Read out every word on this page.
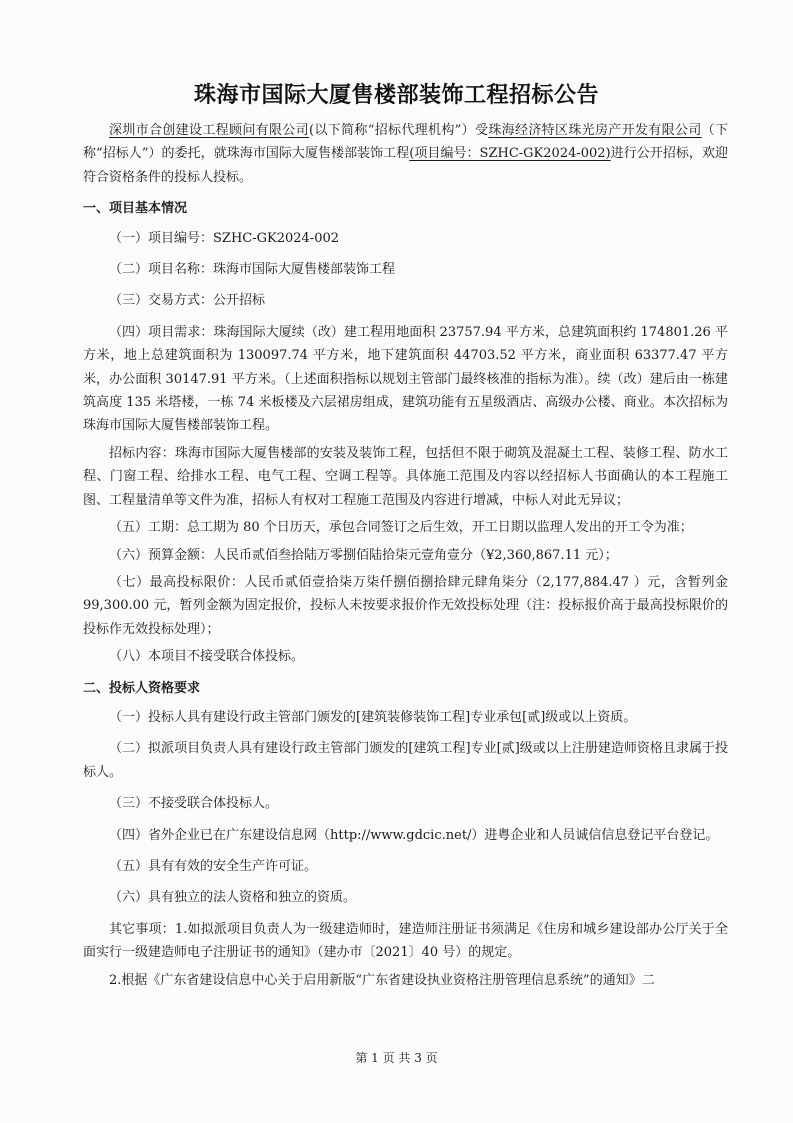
珠海市国际大厦售楼部装饰工程招标公告

深圳市合创建设工程顾问有限公司(以下简称“招标代理机构”）受珠海经济特区珠光房产开发有限公司（下称“招标人”）的委托，就珠海市国际大厦售楼部装饰工程(项目编号：SZHC-GK2024-002)进行公开招标，欢迎符合资格条件的投标人投标。

一、项目基本情况

（一）项目编号：SZHC-GK2024-002

（二）项目名称：珠海市国际大厦售楼部装饰工程

（三）交易方式：公开招标

（四）项目需求：珠海国际大厦续（改）建工程用地面积 23757.94 平方米，总建筑面积约 174801.26 平方米，地上总建筑面积为 130097.74 平方米，地下建筑面积 44703.52 平方米，商业面积 63377.47 平方米，办公面积 30147.91 平方米。（上述面积指标以规划主管部门最终核准的指标为准）。续（改）建后由一栋建筑高度 135 米塔楼，一栋 74 米板楼及六层裙房组成，建筑功能有五星级酒店、高级办公楼、商业。本次招标为珠海市国际大厦售楼部装饰工程。

招标内容：珠海市国际大厦售楼部的安装及装饰工程，包括但不限于砌筑及混凝土工程、装修工程、防水工程、门窗工程、给排水工程、电气工程、空调工程等。具体施工范围及内容以经招标人书面确认的本工程施工图、工程量清单等文件为准，招标人有权对工程施工范围及内容进行增减，中标人对此无异议；

（五）工期：总工期为 80 个日历天，承包合同签订之后生效，开工日期以监理人发出的开工令为准；

（六）预算金额：人民币贰佰叁拾陆万零捌佰陆拾柒元壹角壹分（¥2,360,867.11 元）；

（七）最高投标限价：人民币贰佰壹拾柒万柒仟捌佰捌拾肆元肆角柒分（2,177,884.47 ）元，含暂列金 99,300.00 元，暂列金额为固定报价，投标人未按要求报价作无效投标处理（注：投标报价高于最高投标限价的投标作无效投标处理）；

（八）本项目不接受联合体投标。

二、投标人资格要求

（一）投标人具有建设行政主管部门颁发的[建筑装修装饰工程]专业承包[贰]级或以上资质。

（二）拟派项目负责人具有建设行政主管部门颁发的[建筑工程]专业[贰]级或以上注册建造师资格且隶属于投标人。

（三）不接受联合体投标人。

（四）省外企业已在广东建设信息网（http://www.gdcic.net/）进粤企业和人员诚信信息登记平台登记。

（五）具有有效的安全生产许可证。

（六）具有独立的法人资格和独立的资质。

其它事项：1.如拟派项目负责人为一级建造师时，建造师注册证书须满足《住房和城乡建设部办公厅关于全面实行一级建造师电子注册证书的通知》（建办市〔2021〕40 号）的规定。

2.根据《广东省建设信息中心关于启用新版“广东省建设执业资格注册管理信息系统”的通知》二

第 1 页 共 3 页
